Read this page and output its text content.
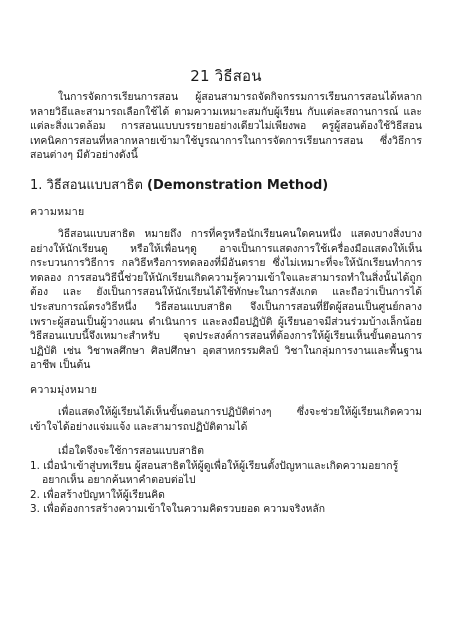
21 วิธีสอน

ในการจัดการเรียนการสอน ผู้สอนสามารถจัดกิจกรรมการเรียนการสอนได้หลากหลายวิธีและสามารถเลือกใช้ได้ ตามความเหมาะสมกับผู้เรียน กับแต่ละสถานการณ์ และแต่ละสิ่งแวดล้อม การสอนแบบบรรยายอย่างเดียวไม่เพียงพอ ครูผู้สอนต้องใช้วิธีสอน เทคนิคการสอนที่หลากหลายเข้ามาใช้บูรณาการในการจัดการเรียนการสอน ซึ่งวิธีการสอนต่างๆ มีตัวอย่างดังนี้

1. วิธีสอนแบบสาธิต (Demonstration Method)
ความหมาย

วิธีสอนแบบสาธิต หมายถึง การที่ครูหรือนักเรียนคนใดคนหนึ่ง แสดงบางสิ่งบางอย่างให้นักเรียนดู หรือให้เพื่อนๆดู อาจเป็นการแสดงการใช้เครื่องมือแสดงให้เห็นกระบวนการวิธีการ กลวิธีหรือการทดลองที่มีอันตราย ซึ่งไม่เหมาะที่จะให้นักเรียนทำการทดลอง การสอนวิธีนี้ช่วยให้นักเรียนเกิดความรู้ความเข้าใจและสามารถทำในสิ่งนั้นได้ถูกต้อง และ ยังเป็นการสอนให้นักเรียนได้ใช้ทักษะในการสังเกต และถือว่าเป็นการได้ประสบการณ์ตรงวิธีหนึ่ง วิธีสอนแบบสาธิต จึงเป็นการสอนที่ยึดผู้สอนเป็นศูนย์กลาง เพราะผู้สอนเป็นผู้วางแผน ดำเนินการ และลงมือปฏิบัติ ผู้เรียนอาจมีส่วนร่วมบ้างเล็กน้อย วิธีสอนแบบนี้จึงเหมาะสำหรับ จุดประสงค์การสอนที่ต้องการให้ผู้เรียนเห็นขั้นตอนการปฏิบัติ เช่น วิชาพลศึกษา ศิลปศึกษา อุตสาหกรรมศิลป์ วิชาในกลุ่มการงานและพื้นฐานอาชีพ เป็นต้น

ความมุ่งหมาย

เพื่อแสดงให้ผู้เรียนได้เห็นขั้นตอนการปฏิบัติต่างๆ ซึ่งจะช่วยให้ผู้เรียนเกิดความเข้าใจได้อย่างแจ่มแจ้ง และสามารถปฏิบัติตามได้

เมื่อใดจึงจะใช้การสอนแบบสาธิต

1. เมื่อนำเข้าสู่บทเรียน ผู้สอนสาธิตให้ผู้ดูเพื่อให้ผู้เรียนตั้งปัญหาและเกิดความอยากรู้

อยากเห็น อยากค้นหาคำตอบต่อไป

2. เพื่อสร้างปัญหาให้ผู้เรียนคิด

3. เพื่อต้องการสร้างความเข้าใจในความคิดรวบยอด ความจริงหลัก
